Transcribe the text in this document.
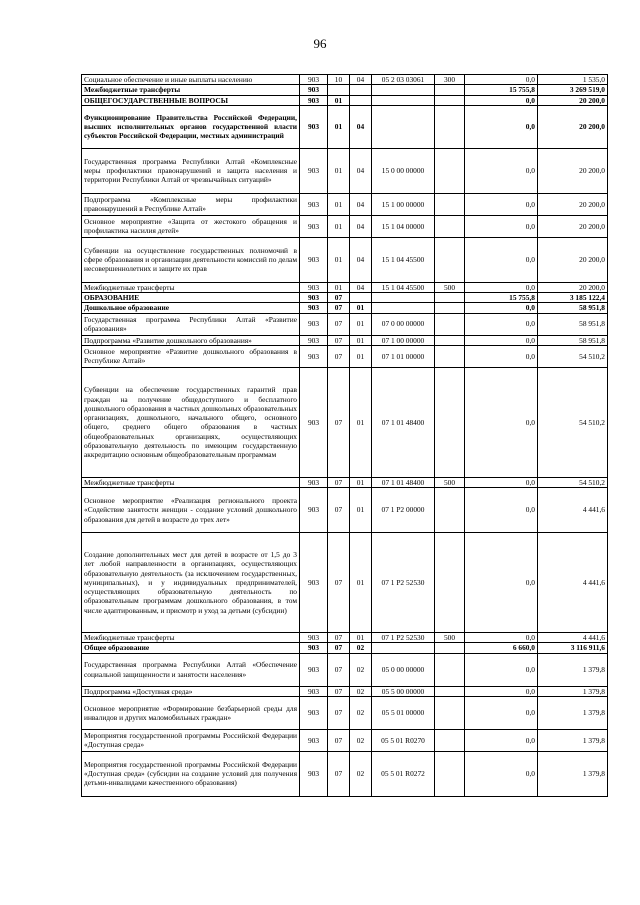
96
Социальное обеспечение и иные выплаты населению	903	10	04	05 2 03 03061	300	0,0	1 535,0
Межбюджетные трансферты	903					15 755,8	3 269 519,0
ОБЩЕГОСУДАРСТВЕННЫЕ ВОПРОСЫ	903	01				0,0	20 200,0
Функционирование Правительства Российской Федерации, высших исполнительных органов государственной власти субъектов Российской Федерации, местных администраций	903	01	04			0,0	20 200,0
Государственная программа Республики Алтай «Комплексные меры профилактики правонарушений и защита населения и территории Республики Алтай от чрезвычайных ситуаций»	903	01	04	15 0 00 00000		0,0	20 200,0
Подпрограмма «Комплексные меры профилактики правонарушений в Республике Алтай»	903	01	04	15 1 00 00000		0,0	20 200,0
Основное мероприятие «Защита от жестокого обращения и профилактика насилия детей»	903	01	04	15 1 04 00000		0,0	20 200,0
Субвенции на осуществление государственных полномочий в сфере образования и организации деятельности комиссий по делам несовершеннолетних и защите их прав	903	01	04	15 1 04 45500		0,0	20 200,0
Межбюджетные трансферты	903	01	04	15 1 04 45500	500	0,0	20 200,0
ОБРАЗОВАНИЕ	903	07				15 755,8	3 185 122,4
Дошкольное образование	903	07	01			0,0	58 951,8
Государственная программа Республики Алтай «Развитие образования»	903	07	01	07 0 00 00000		0,0	58 951,8
Подпрограмма «Развитие дошкольного образования»	903	07	01	07 1 00 00000		0,0	58 951,8
Основное мероприятие «Развитие дошкольного образования в Республике Алтай»	903	07	01	07 1 01 00000		0,0	54 510,2
Субвенции на обеспечение государственных гарантий прав граждан на получение общедоступного и бесплатного дошкольного образования в частных дошкольных образовательных организациях, дошкольного, начального общего, основного общего, среднего общего образования в частных общеобразовательных организациях, осуществляющих образовательную деятельность по имеющим государственную аккредитацию основным общеобразовательным программам	903	07	01	07 1 01 48400		0,0	54 510,2
Межбюджетные трансферты	903	07	01	07 1 01 48400	500	0,0	54 510,2
Основное мероприятие «Реализация регионального проекта «Содействие занятости женщин - создание условий дошкольного образования для детей в возрасте до трех лет»	903	07	01	07 1 P2 00000		0,0	4 441,6
Создание дополнительных мест для детей в возрасте от 1,5 до 3 лет любой направленности в организациях, осуществляющих образовательную деятельность (за исключением государственных, муниципальных), и у индивидуальных предпринимателей, осуществляющих образовательную деятельность по образовательным программам дошкольного образования, в том числе адаптированным, и присмотр и уход за детьми (субсидии)	903	07	01	07 1 P2 52530		0,0	4 441,6
Межбюджетные трансферты	903	07	01	07 1 P2 52530	500	0,0	4 441,6
Общее образование	903	07	02			6 660,0	3 116 911,6
Государственная программа Республики Алтай «Обеспечение социальной защищенности и занятости населения»	903	07	02	05 0 00 00000		0,0	1 379,8
Подпрограмма «Доступная среда»	903	07	02	05 5 00 00000		0,0	1 379,8
Основное мероприятие «Формирование безбарьерной среды для инвалидов и других маломобильных граждан»	903	07	02	05 5 01 00000		0,0	1 379,8
Мероприятия государственной программы Российской Федерации «Доступная среда»	903	07	02	05 5 01 R0270		0,0	1 379,8
Мероприятия государственной программы Российской Федерации «Доступная среда» (субсидии на создание условий для получения детьми-инвалидами качественного образования)	903	07	02	05 5 01 R0272		0,0	1 379,8
